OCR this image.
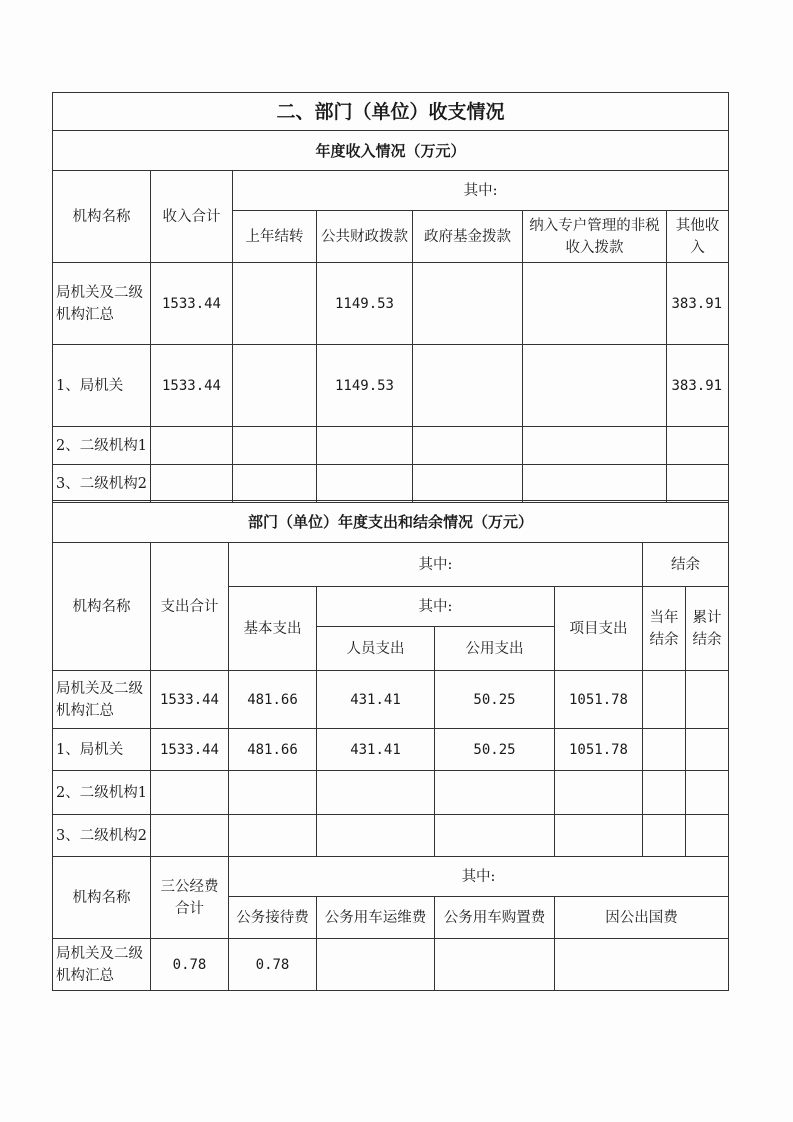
二、部门（单位）收支情况						
年度收入情况（万元）						
机构名称	收入合计	其中:				
		上年结转	公共财政拨款	政府基金拨款	纳入专户管理的非税收入拨款	其他收入
局机关及二级机构汇总	1533.44		1149.53			383.91
1、局机关	1533.44		1149.53			383.91
2、二级机构1						
3、二级机构2						
部门（单位）年度支出和结余情况（万元）							
机构名称	支出合计	其中:				结余	
		基本支出	其中:		项目支出	当年结余	累计结余
			人员支出	公用支出			
局机关及二级机构汇总	1533.44	481.66	431.41	50.25	1051.78		
1、局机关	1533.44	481.66	431.41	50.25	1051.78		
2、二级机构1							
3、二级机构2							
机构名称	三公经费合计	其中:			
		公务接待费	公务用车运维费	公务用车购置费	因公出国费
局机关及二级机构汇总	0.78	0.78			
